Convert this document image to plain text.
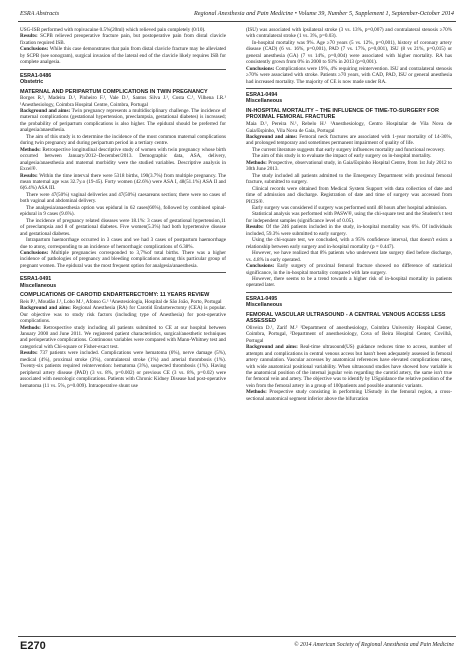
ESRA Abstracts	Regional Anesthesia and Pain Medicine • Volume 39, Number 5, Supplement 1, September-October 2014

USG-ISB performed with ropivacaine 0.5%(20ml) which relieved pain completely (0/10).

Results: SCPB relieved preoperative fracture pain, but postoperative pain from distal clavicle fixation required ISB.

Conclusions: While this case demonstrates that pain from distal clavicle fracture may be alleviated by SCPB (see sonogram), surgical invasion of the lateral end of the clavicle likely requires ISB for complete analgesia.

ESRA1-0486
Obstetric
MATERNAL AND PERIPARTUM COMPLICATIONS IN TWIN PREGNANCY

Borges R.¹, Madeira D.¹, Pinheiro F.¹, Vale D.¹, Santos Silva J.¹, Costa C.¹, Vilhena I.R.¹ ¹Anesthesiology, Coimbra Hospital Centre, Coimbra, Portugal

Background and aims: Twin pregnancy represents a multidisciplinary challenge. The incidence of maternal complications (gestational hypertension, preeclampsia, gestational diabetes) is increased; the probability of peripartum complications is also higher. The epidural should be preferred for analgesia/anaesthesia.

The aim of this study is to determine the incidence of the most common maternal complications during twin pregnancy and during peripartum period in a tertiary centre.

Methods: Retrospective longitudinal descriptive study of women with twin pregnancy whose birth occurred between January/2012–December/2013. Demographic data, ASA, delivery, analgesia/anaesthesia and maternal morbidity were the studied variables. Descriptive analysis in Excel®.

Results: Within the time interval there were 5318 births, 190(3.7%) from multiple pregnancy. The mean maternal age was 32.7y.o (19-45). Forty women (42.6%) were ASA I, 48(51.1%) ASA II and 6(6.4%) ASA III.

There were 47(50%) vaginal deliveries and 47(50%) caesareans section; there were no cases of both vaginal and abdominal delivery.

The analgesia/anaesthesia option was epidural in 62 cases(66%), followed by combined spinal-epidural in 9 cases (9.6%).

The incidence of pregnancy related diseases were 18.1%: 3 cases of gestational hypertension,11 of preeclampsia and 8 of gestational diabetes. Five women(5.3%) had both hypertensive disease and gestational diabetes.

Intrapartum haemorrhage occurred in 3 cases and we had 3 cases of postpartum haemorrhage due to atony, corresponding to an incidence of hemorrhagic complications of 6.38%.

Conclusions: Multiple pregnancies corresponded to 3,7%of total births. There was a higher incidence of pathologies of pregnancy and bleeding complications among this particular group of pregnant women. The epidural was the most frequent option for analgesia/anaesthesia.

ESRA1-0491
Miscellaneous
COMPLICATIONS OF CAROTID ENDARTERECTOMY: 11 YEARS REVIEW

Reis P.¹, Moudão J.¹, Lobo M.¹, Afonso G.¹ ¹Anestesiologia, Hospital de São João, Porto, Portugal

Background and aims: Regional Anesthesia (RA) for Carotid Endarterectomy (CEA) is popular. Our objective was to study risk factors (including type of Anesthesia) for post-operative complications.

Methods: Retrospective study including all patients submitted to CE at our hospital between January 2000 and June 2011. We registered patient characteristics, surgical/anesthetic techniques and perioperative complications. Continuous variables were compared with Mann-Whitney test and categorical with Chi-square or Fisher-exact test.

Results: 737 patients were included. Complications were hematoma (6%), nerve damage (5%), medical (4%), proximal stroke (3%), contralateral stroke (1%) and arterial thrombosis (1%). Twenty-six patients required reintervention: hematoma (3%), suspected thrombosis (1%). Having peripheral artery disease (PAD) (3 vs. 8%, p=0.002) or previous CE (3 vs. 8%, p=0.02) were associated with neurologic complications. Patients with Chronic Kidney Disease had post-operative hematoma (11 vs. 5%, p=0.009). Intraoperative shunt use

(ISU) was associated with ipsilateral stroke (3 vs. 13%, p=0,007) and contralateral stenosis ≥70% with contralateral stroke (1 vs. 3%, p=0.03).

In-hospital mortality was 9%. Age ≥70 years (5 vs. 12%, p=0,001), history of coronary artery disease (CAD) (6 vs. 16%, p=0,001), PAD (7 vs. 17%, p=0,001), ISU (8 vs 21%, p=0,015) or general anesthesia (GA) (7 vs 14%, p=0,004) were associated with higher mortality. RA has consistently grown from 0% in 2000 to 93% in 2013 (p=0,001).

Conclusions: Complications were 19%, 4% requiring reintervention. ISU and contralateral stenosis ≥70% were associated with stroke. Patients ≥70 years, with CAD, PAD, ISU or general anesthesia had increased mortality. The majority of CE is now made under RA.

ESRA1-0494
Miscellaneous
IN-HOSPITAL MORTALITY – THE INFLUENCE OF TIME-TO-SURGERY FOR PROXIMAL FEMORAL FRACTURE

Maia D.¹, Pereira N.¹, Rebelo H.¹ ¹Anesthesiology, Centro Hospitalar de Vila Nova de Gaia/Espinho, Vila Nova de Gaia, Portugal

Background and aims: Femoral neck fractures are associated with 1-year mortality of 14-36%, and prolonged temporary and sometimes permanent impairment of quality of life.

The current literature suggests that early surgery influences mortality and functional recovery.

The aim of this study is to evaluate the impact of early surgery on in-hospital mortality.

Methods: Prospective, observational study, in Gaia/Espinho Hospital Centre, from 1st July 2012 to 30th June 2013.

The study included all patients admitted to the Emergency Department with proximal femoral fracture, submitted to surgery.

Clinical records were obtained from Medical System Support with data collection of date and time of admission and discharge. Registration of date and time of surgery was accessed from PICIS®.

Early surgery was considered if surgery was performed until 48 hours after hospital admission.

Statistical analysis was performed with PASW®, using the chi-square test and the Student's t test for independent samples (significance level of 0.05).

Results: Of the 246 patients included in the study, in-hospital mortality was 6%. Of individuals included, 59.3% were submitted to early surgery.

Using the chi-square test, we concluded, with a 95% confidence interval, that doesn't exists a relationship between early surgery and in-hospital mortality (p = 0.447).

However, we have realized that 8% patients who underwent late surgery died before discharge, vs. 4.8% in early operated.

Conclusions: Early surgery of proximal femoral fracture showed no difference of statistical significance, in the in-hospital mortality compared with late surgery.

However, there seems to be a trend towards a higher risk of in-hospital mortality in patients operated later.

ESRA1-0495
Miscellaneous
FEMORAL VASCULAR ULTRASOUND - A CENTRAL VENOUS ACCESS LESS ASSESSED

Oliveira D.¹, Zarif M.² ¹Department of anesthesiology, Coimbra University Hospital Center, Coimbra, Portugal, ²Department of anesthesiology, Cova of Beira Hospital Center, Covilhã, Portugal

Background and aims: Real-time ultrasound(US) guidance reduces time to access, number of attempts and complications in central venous access but hasn't been adequately assessed in femoral artery cannulation. Vascular accesses by anatomical references have elevated complications rates, with wide anatomical positional variability. When ultrasound studies have showed how variable is the anatomical position of the internal jugular vein regarding the carotid artery, the same isn't true for femoral vein and artery. The objective was to identify by USguidance the relative position of the vein from the femoral artery in a group of 100patients and possible anatomic variants.

Methods: Prospective study consisting in performing USstudy in the femoral region, a cross-sectional anatomical segment inferior above the bifurcation

E270	© 2014 American Society of Regional Anesthesia and Pain Medicine
